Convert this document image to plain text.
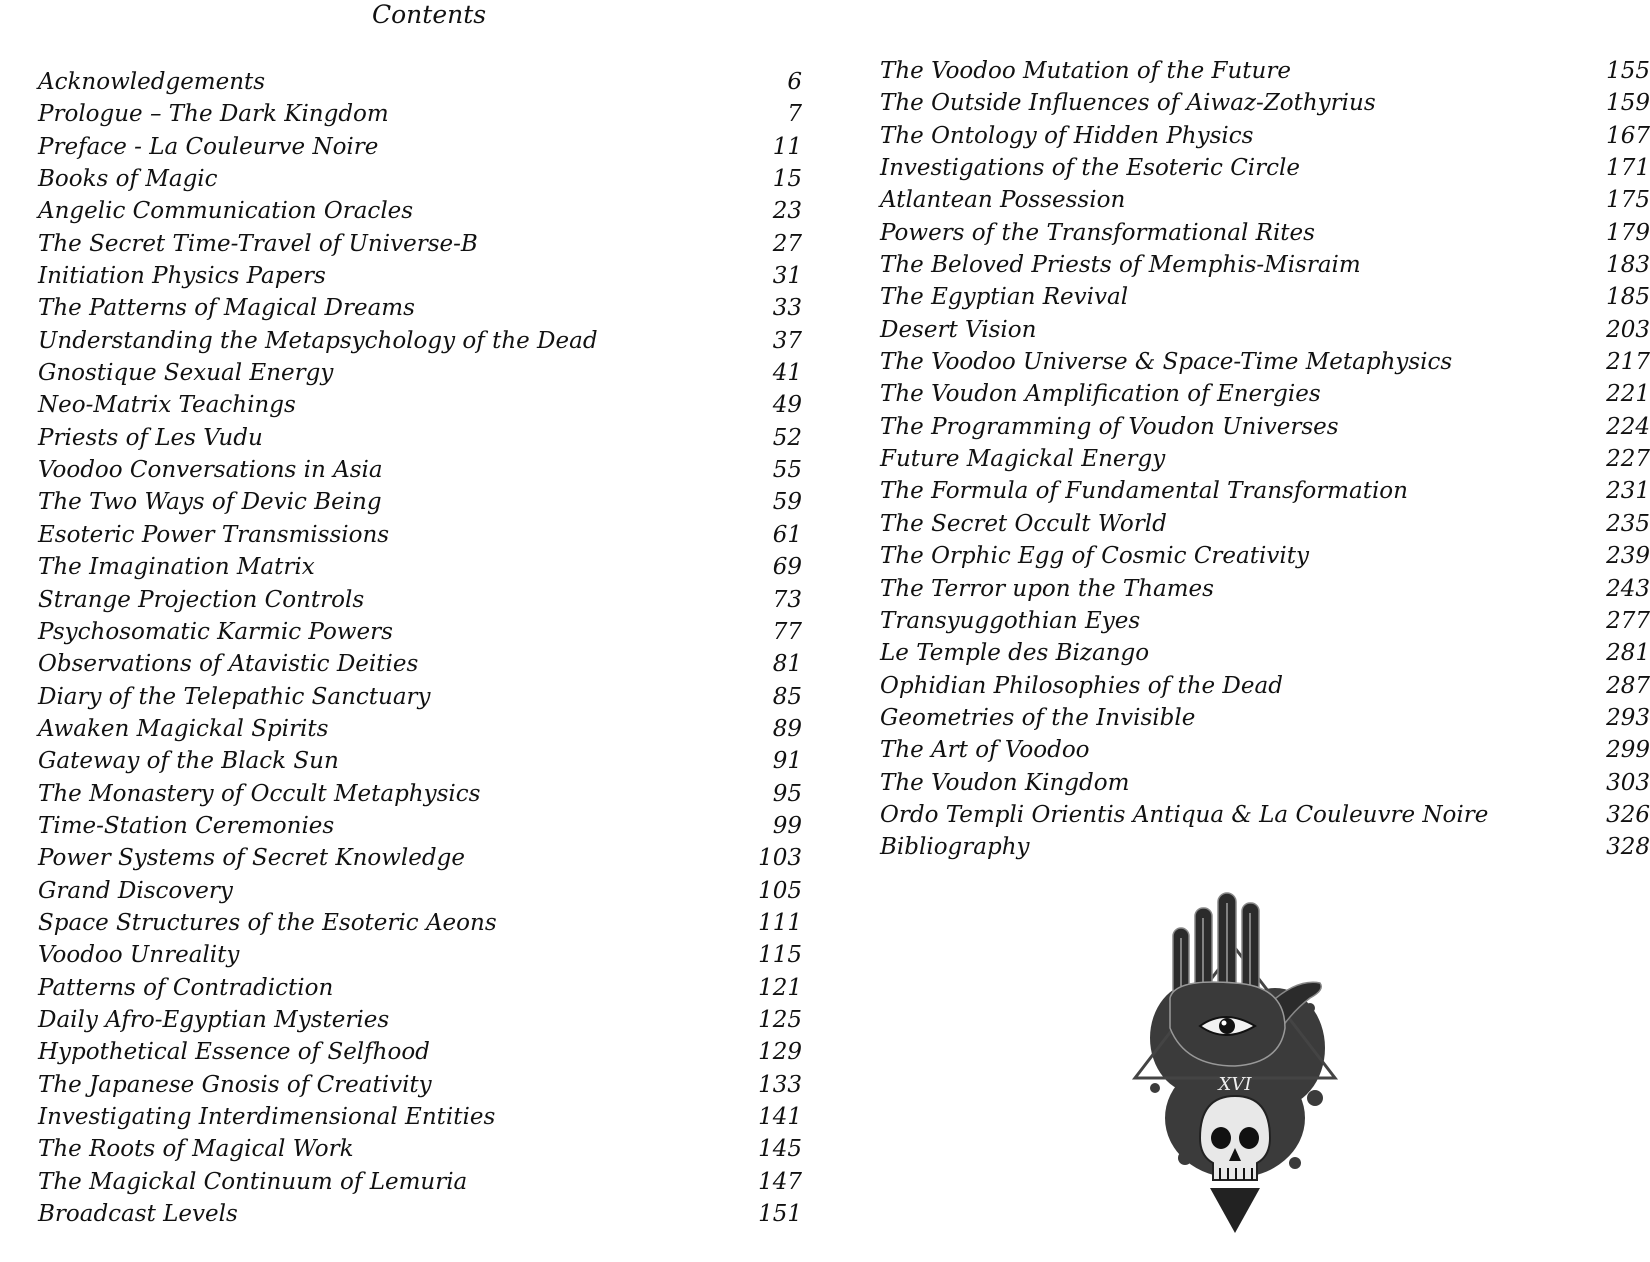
Contents
Acknowledgements	6
Prologue – The Dark Kingdom	7
Preface - La Couleurve Noire	11
Books of Magic	15
Angelic Communication Oracles	23
The Secret Time-Travel of Universe-B	27
Initiation Physics Papers	31
The Patterns of Magical Dreams	33
Understanding the Metapsychology of the Dead	37
Gnostique Sexual Energy	41
Neo-Matrix Teachings	49
Priests of Les Vudu	52
Voodoo Conversations in Asia	55
The Two Ways of Devic Being	59
Esoteric Power Transmissions	61
The Imagination Matrix	69
Strange Projection Controls	73
Psychosomatic Karmic Powers	77
Observations of Atavistic Deities	81
Diary of the Telepathic Sanctuary	85
Awaken Magickal Spirits	89
Gateway of the Black Sun	91
The Monastery of Occult Metaphysics	95
Time-Station Ceremonies	99
Power Systems of Secret Knowledge	103
Grand Discovery	105
Space Structures of the Esoteric Aeons	111
Voodoo Unreality	115
Patterns of Contradiction	121
Daily Afro-Egyptian Mysteries	125
Hypothetical Essence of Selfhood	129
The Japanese Gnosis of Creativity	133
Investigating Interdimensional Entities	141
The Roots of Magical Work	145
The Magickal Continuum of Lemuria	147
Broadcast Levels	151
The Voodoo Mutation of the Future	155
The Outside Influences of Aiwaz-Zothyrius	159
The Ontology of Hidden Physics	167
Investigations of the Esoteric Circle	171
Atlantean Possession	175
Powers of the Transformational Rites	179
The Beloved Priests of Memphis-Misraim	183
The Egyptian Revival	185
Desert Vision	203
The Voodoo Universe & Space-Time Metaphysics	217
The Voudon Amplification of Energies	221
The Programming of Voudon Universes	224
Future Magickal Energy	227
The Formula of Fundamental Transformation	231
The Secret Occult World	235
The Orphic Egg of Cosmic Creativity	239
The Terror upon the Thames	243
Transyuggothian Eyes	277
Le Temple des Bizango	281
Ophidian Philosophies of the Dead	287
Geometries of the Invisible	293
The Art of Voodoo	299
The Voudon Kingdom	303
Ordo Templi Orientis Antiqua & La Couleuvre Noire	326
Bibliography	328
XVI
